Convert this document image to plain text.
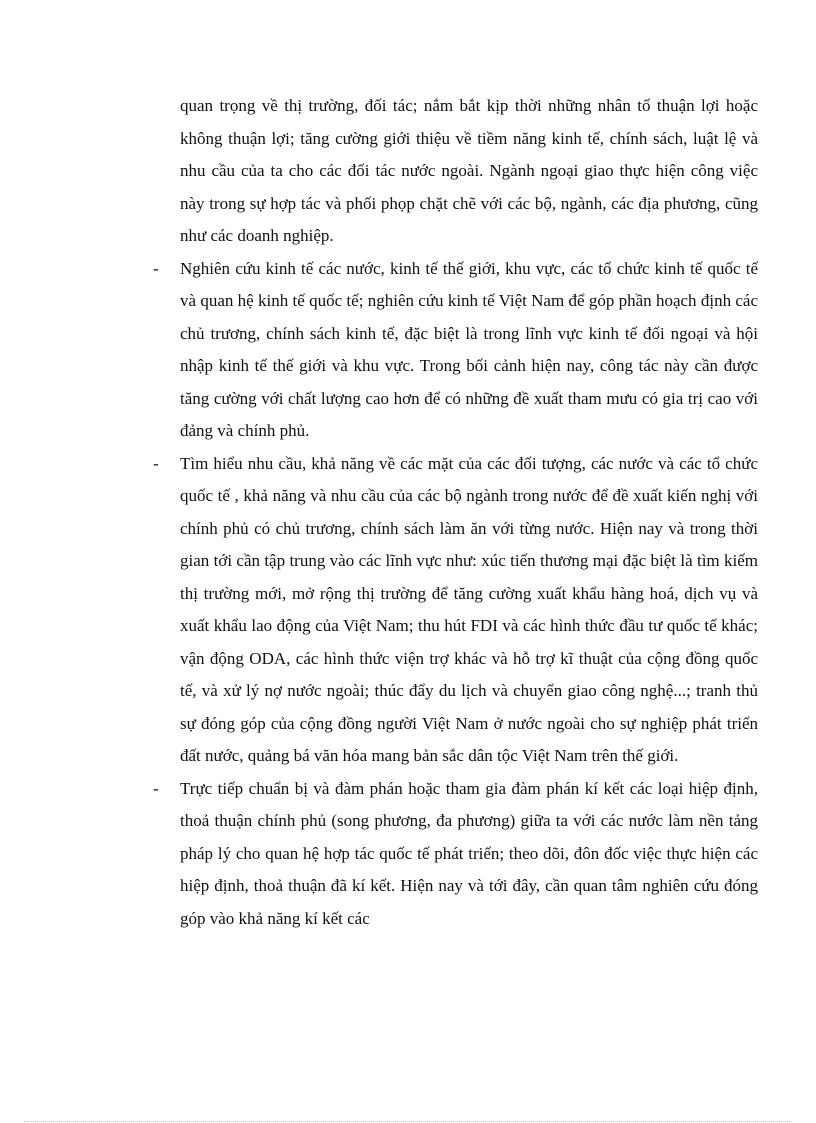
quan trọng về thị trường, đối tác; nắm bắt kịp thời những nhân tố thuận lợi hoặc không thuận lợi; tăng cường giới thiệu về tiềm năng kinh tế, chính sách, luật lệ và nhu cầu của ta cho các đối tác nước ngoài. Ngành ngoại giao thực hiện công việc này trong sự hợp tác và phối phọp chặt chẽ với các bộ, ngành, các địa phương, cũng như các doanh nghiệp.

- Nghiên cứu kinh tế các nước, kinh tế thế giới, khu vực, các tổ chức kinh tế quốc tế và quan hệ kinh tế quốc tế; nghiên cứu kinh tế Việt Nam để góp phần hoạch định các chủ trương, chính sách kinh tế, đặc biệt là trong lĩnh vực kinh tế đối ngoại và hội nhập kinh tế thế giới và khu vực. Trong bối cảnh hiện nay, công tác này cần được tăng cường với chất lượng cao hơn để có những đề xuất tham mưu có gia trị cao với đảng và chính phủ.

- Tìm hiểu nhu cầu, khả năng về các mặt của các đối tượng, các nước và các tổ chức quốc tế , khả năng và nhu cầu của các bộ ngành trong nước để đề xuất kiến nghị với chính phủ có chủ trương, chính sách làm ăn với từng nước. Hiện nay và trong thời gian tới cần tập trung vào các lĩnh vực như: xúc tiến thương mại đặc biệt là tìm kiếm thị trường mới, mở rộng thị trường để tăng cường xuất khẩu hàng hoá, dịch vụ và xuất khẩu lao động của Việt Nam; thu hút FDI và các hình thức đầu tư quốc tế khác; vận động ODA, các hình thức viện trợ khác và hỗ trợ kĩ thuật của cộng đồng quốc tế, và xử lý nợ nước ngoài; thúc đẩy du lịch và chuyển giao công nghệ...; tranh thủ sự đóng góp của cộng đồng người Việt Nam ở nước ngoài cho sự nghiệp phát triển đất nước, quảng bá văn hóa mang bản sắc dân tộc Việt Nam trên thế giới.

- Trực tiếp chuẩn bị và đàm phán hoặc tham gia đàm phán kí kết các loại hiệp định, thoả thuận chính phủ (song phương, đa phương) giữa ta với các nước làm nền tảng pháp lý cho quan hệ hợp tác quốc tế phát triển; theo dõi, đôn đốc việc thực hiện các hiệp định, thoả thuận đã kí kết. Hiện nay và tới đây, cần quan tâm nghiên cứu đóng góp vào khả năng kí kết các
